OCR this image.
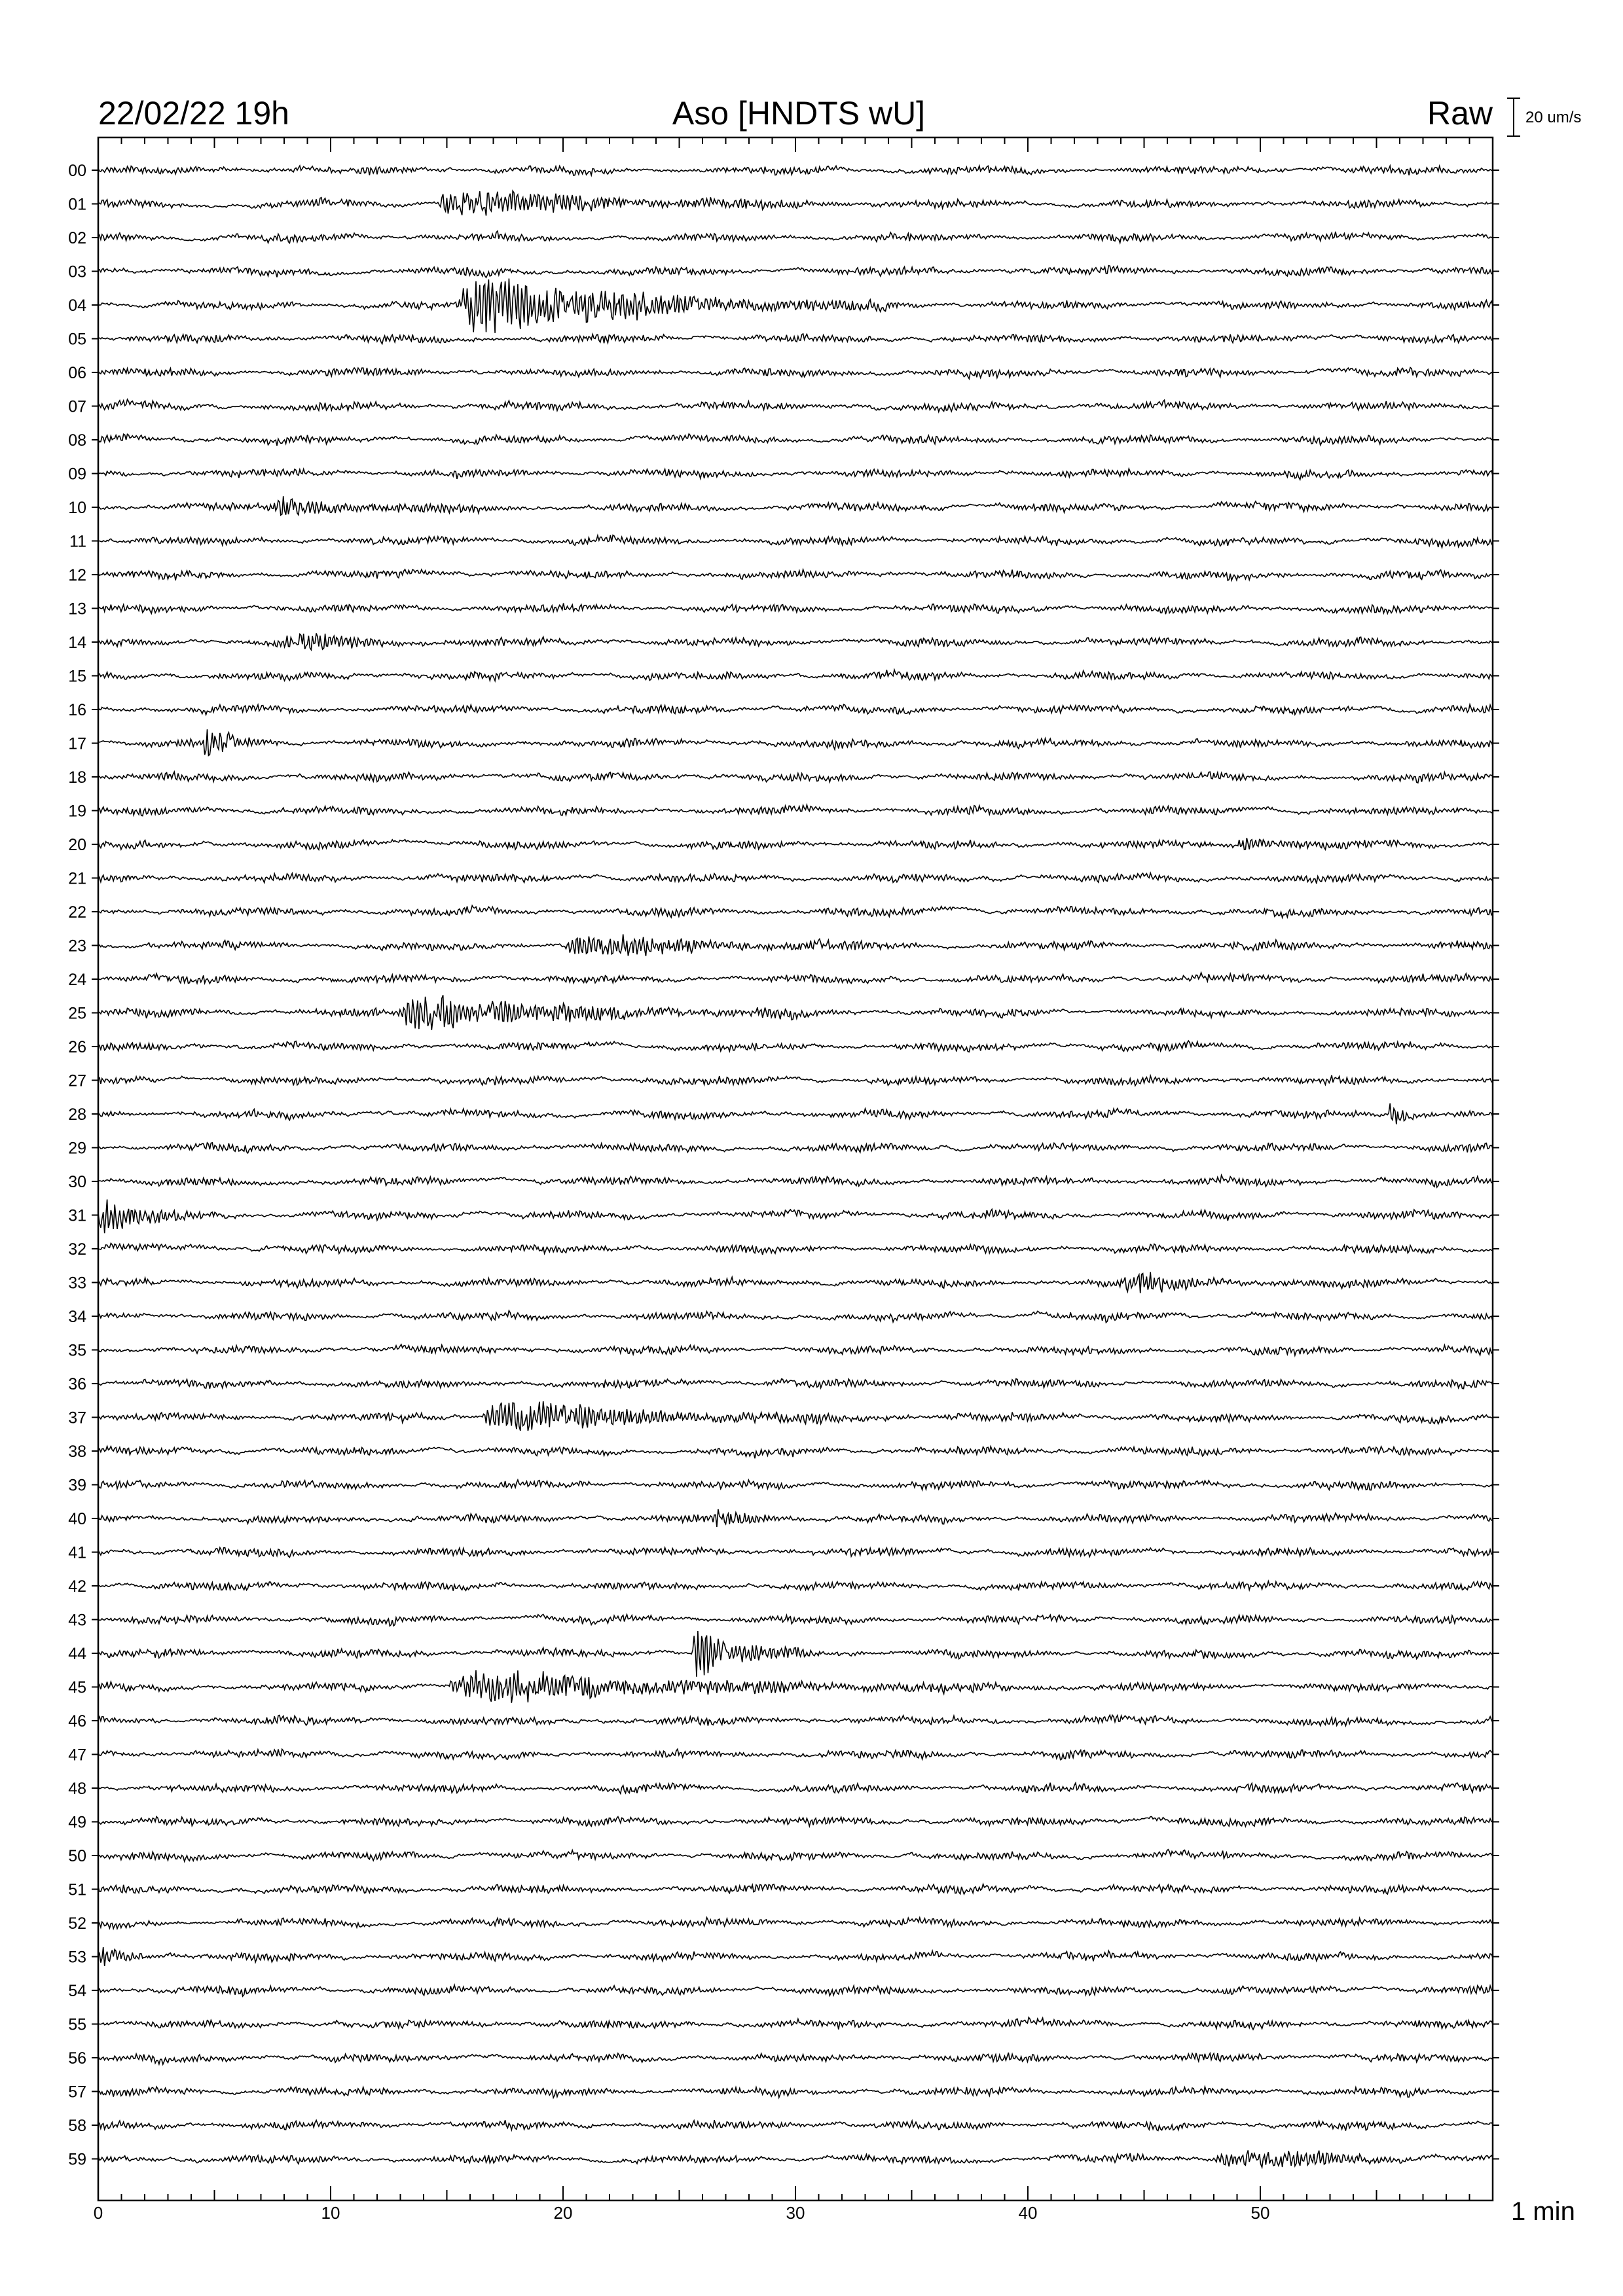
22/02/22 19h	Aso [HNDTS wU]	Raw 20 um/s
00
01
02
03
04
05
06
07
08
09
10
11
12
13
14
15
16
17
18
19
20
21
22
23
24
25
26
27
28
29
30
31
32
33
34
35
36
37
38
39
40
41
42
43
44
45
46
47
48
49
50
51
52
53
54
55
56
57
58
59
0	10	20	30	40	50	1 min
